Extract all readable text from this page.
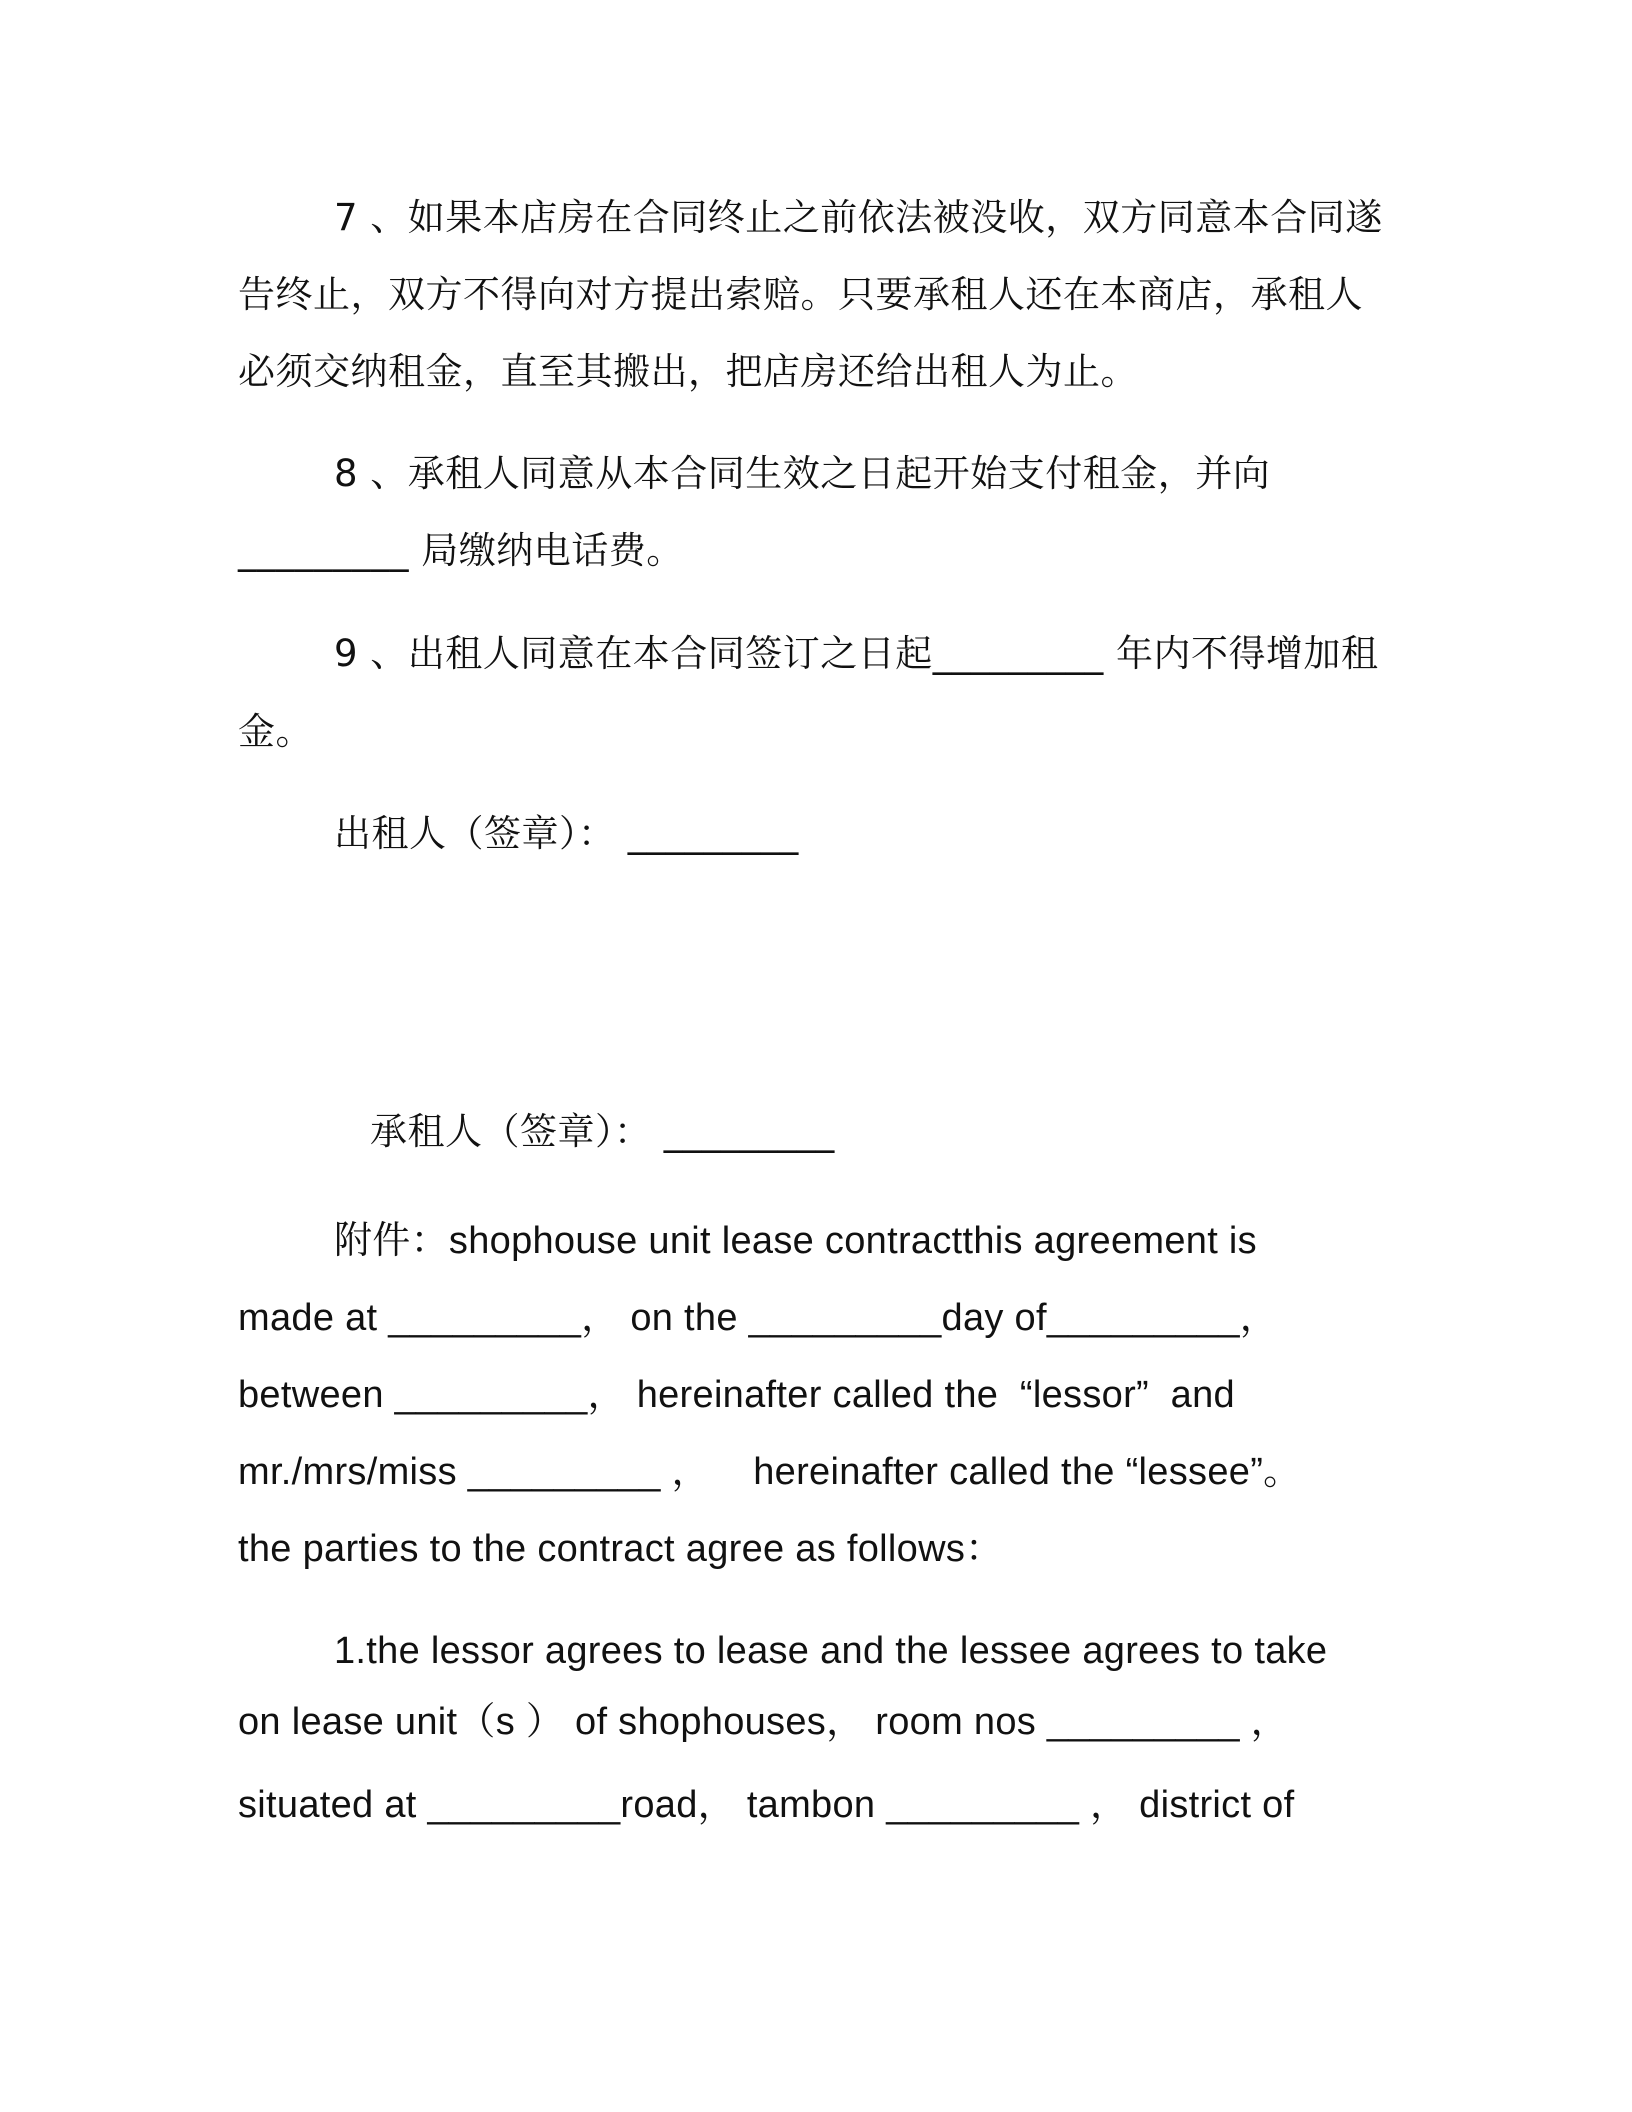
7 、如果本店房在合同终止之前依法被没收，双方同意本合同遂
告终止，双方不得向对方提出索赔。只要承租人还在本商店，承租人
必须交纳租金，直至其搬出，把店房还给出租人为止。
8 、承租人同意从本合同生效之日起开始支付租金，并向
_________ 局缴纳电话费。
9 、出租人同意在本合同签订之日起_________ 年内不得增加租
金。
出租人（签章）： _________
承租人（签章）： _________
附件：shophouse unit lease contractthis agreement is
made at _________， on the _________day of_________，
between _________， hereinafter called the  “lessor”  and
mr./mrs/miss _________ ，    hereinafter called the “lessee”。
the parties to the contract agree as follows：
1.the lessor agrees to lease and the lessee agrees to take
on lease unit（s ） of shophouses， room nos _________ ，
situated at _________road， tambon _________ ， district of
